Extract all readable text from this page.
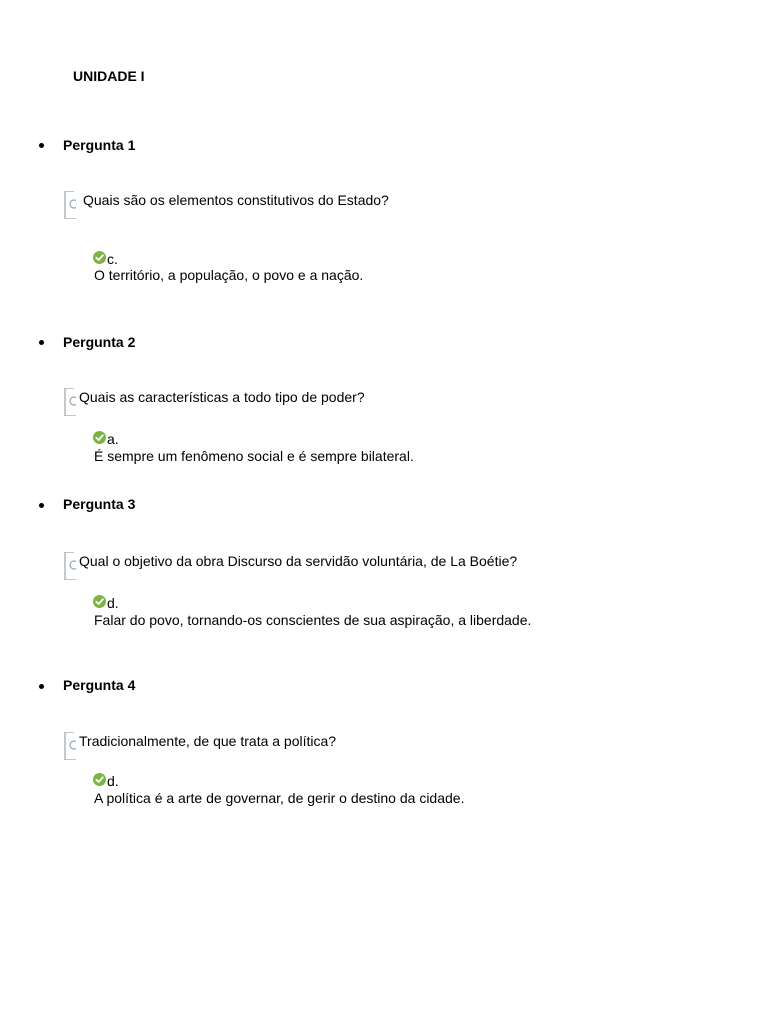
UNIDADE I
Pergunta 1
Quais são os elementos constitutivos do Estado?
c.
O território, a população, o povo e a nação.
Pergunta 2
Quais as características a todo tipo de poder?
a.
É sempre um fenômeno social e é sempre bilateral.
Pergunta 3
Qual o objetivo da obra Discurso da servidão voluntária, de La Boétie?
d.
Falar do povo, tornando-os conscientes de sua aspiração, a liberdade.
Pergunta 4
Tradicionalmente, de que trata a política?
d.
A política é a arte de governar, de gerir o destino da cidade.
